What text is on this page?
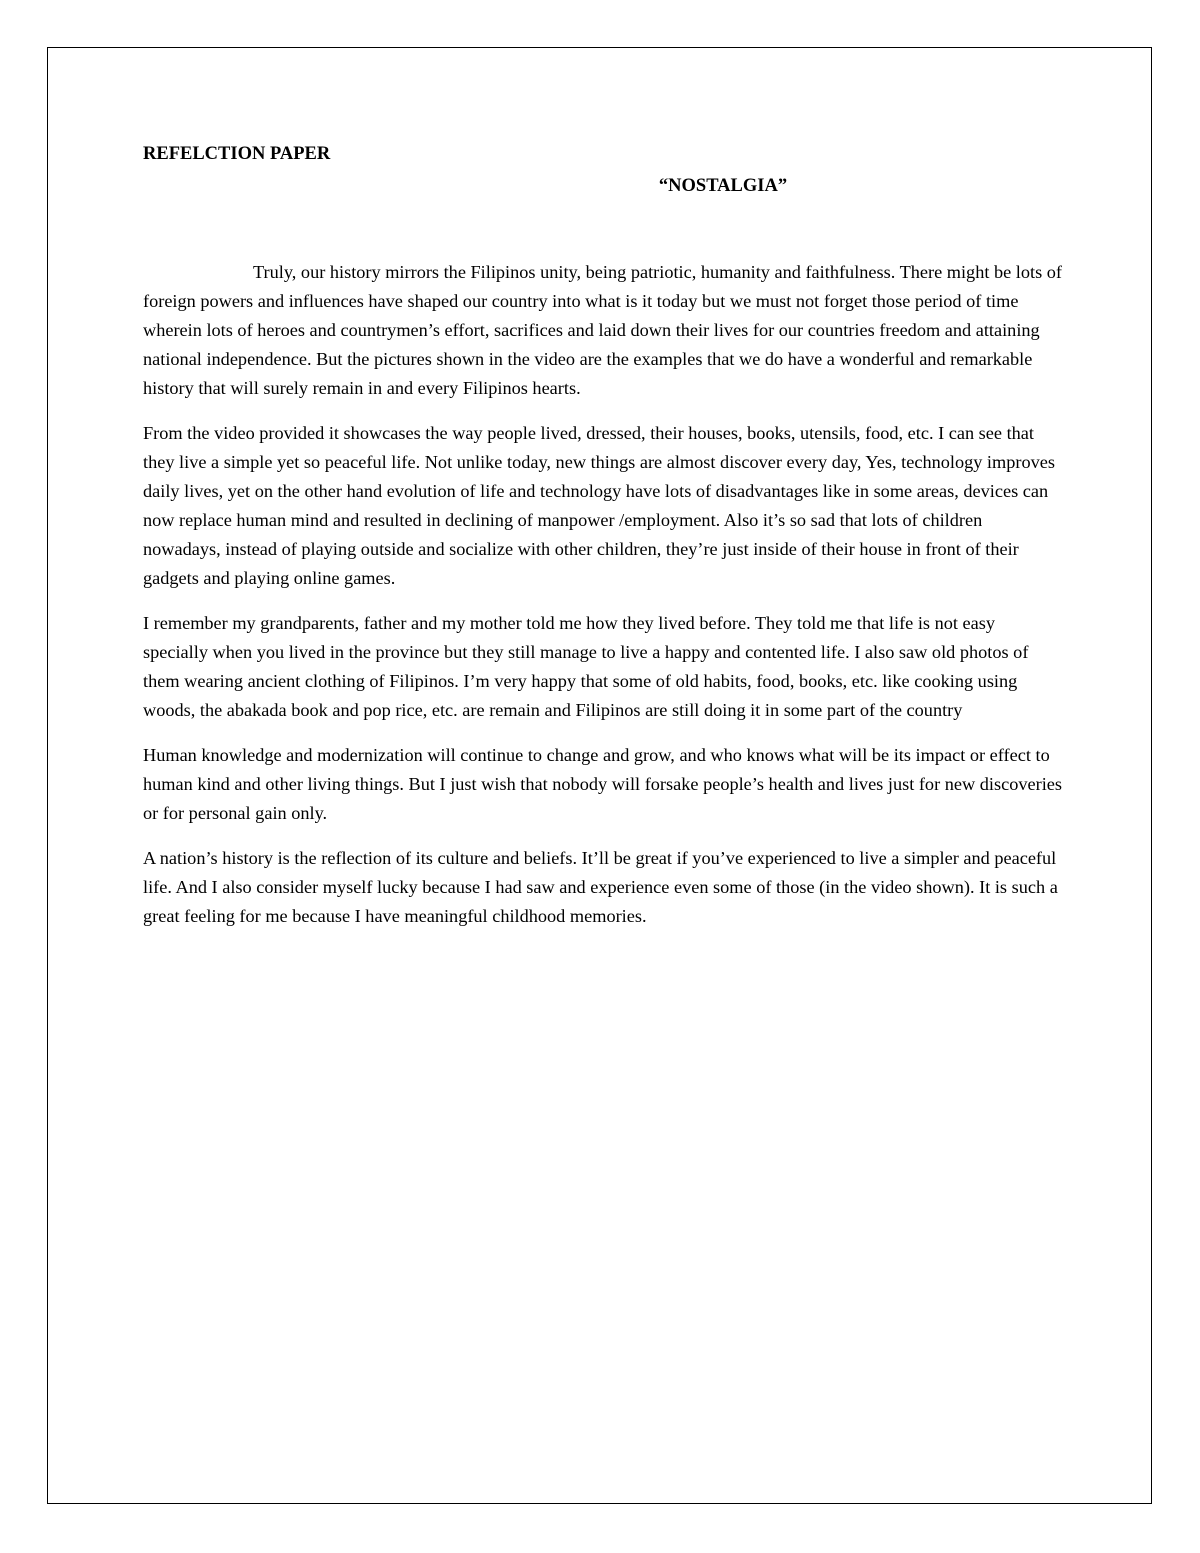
REFELCTION PAPER

“NOSTALGIA”

Truly, our history mirrors the Filipinos unity, being patriotic, humanity and faithfulness. There might be lots of foreign powers and influences have shaped our country into what is it today but we must not forget those period of time wherein lots of heroes and countrymen’s effort, sacrifices and laid down their lives for our countries freedom and attaining national independence. But the pictures shown in the video are the examples that we do have a wonderful and remarkable history that will surely remain in and every Filipinos hearts.

From the video provided it showcases the way people lived, dressed, their houses, books, utensils, food, etc. I can see that they live a simple yet so peaceful life. Not unlike today, new things are almost discover every day, Yes, technology improves daily lives, yet on the other hand evolution of life and technology have lots of disadvantages like in some areas, devices can now replace human mind and resulted in declining of manpower /employment. Also it’s so sad that lots of children nowadays, instead of playing outside and socialize with other children, they’re just inside of their house in front of their gadgets and playing online games.

I remember my grandparents, father and my mother told me how they lived before. They told me that life is not easy specially when you lived in the province but they still manage to live a happy and contented life. I also saw old photos of them wearing ancient clothing of Filipinos. I’m very happy that some of old habits, food, books, etc. like cooking using woods, the abakada book and pop rice, etc. are remain and Filipinos are still doing it in some part of the country

Human knowledge and modernization will continue to change and grow, and who knows what will be its impact or effect to human kind and other living things. But I just wish that nobody will forsake people’s health and lives just for new discoveries or for personal gain only.

A nation’s history is the reflection of its culture and beliefs. It’ll be great if you’ve experienced to live a simpler and peaceful life. And I also consider myself lucky because I had saw and experience even some of those (in the video shown). It is such a great feeling for me because I have meaningful childhood memories.
